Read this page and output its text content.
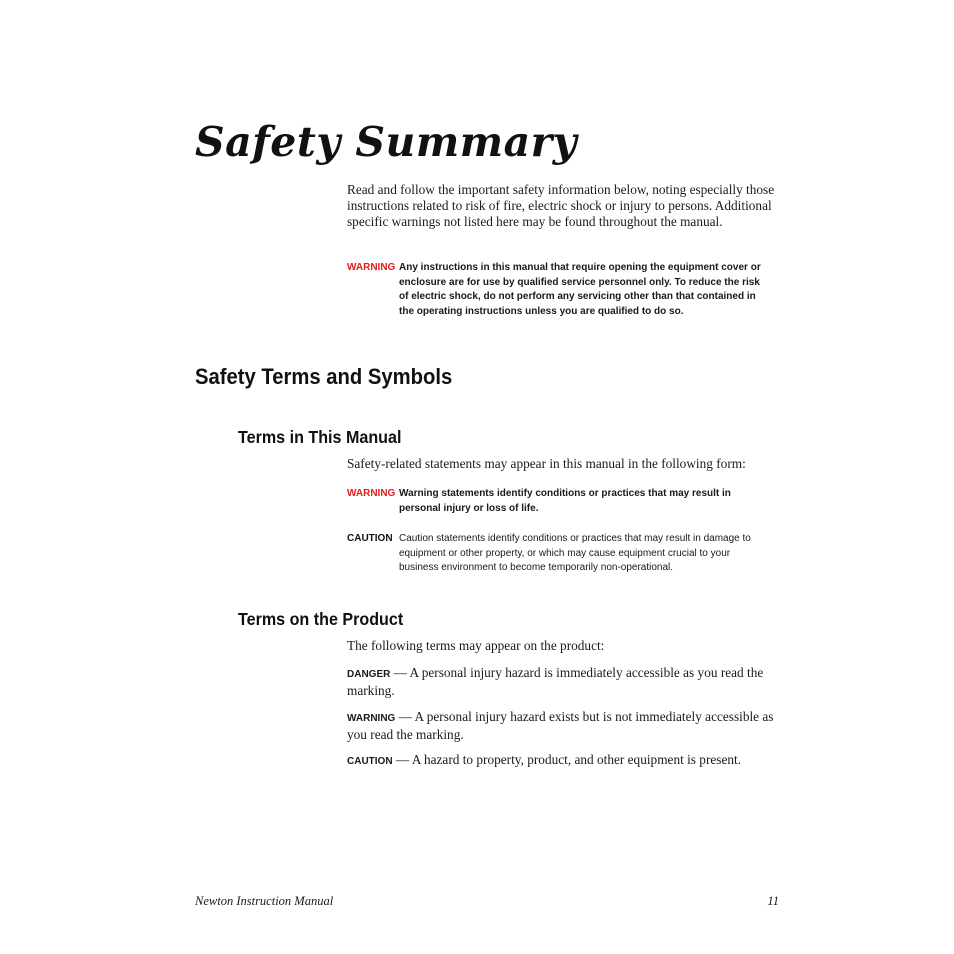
Safety Summary
Read and follow the important safety information below, noting especially those instructions related to risk of fire, electric shock or injury to persons. Additional specific warnings not listed here may be found throughout the manual.
WARNING Any instructions in this manual that require opening the equipment cover or enclosure are for use by qualified service personnel only. To reduce the risk of electric shock, do not perform any servicing other than that contained in the operating instructions unless you are qualified to do so.
Safety Terms and Symbols
Terms in This Manual
Safety-related statements may appear in this manual in the following form:
WARNING Warning statements identify conditions or practices that may result in personal injury or loss of life.
CAUTION Caution statements identify conditions or practices that may result in damage to equipment or other property, or which may cause equipment crucial to your business environment to become temporarily non-operational.
Terms on the Product
The following terms may appear on the product:
DANGER — A personal injury hazard is immediately accessible as you read the marking.
WARNING — A personal injury hazard exists but is not immediately accessible as you read the marking.
CAUTION — A hazard to property, product, and other equipment is present.
Newton Instruction Manual	11
